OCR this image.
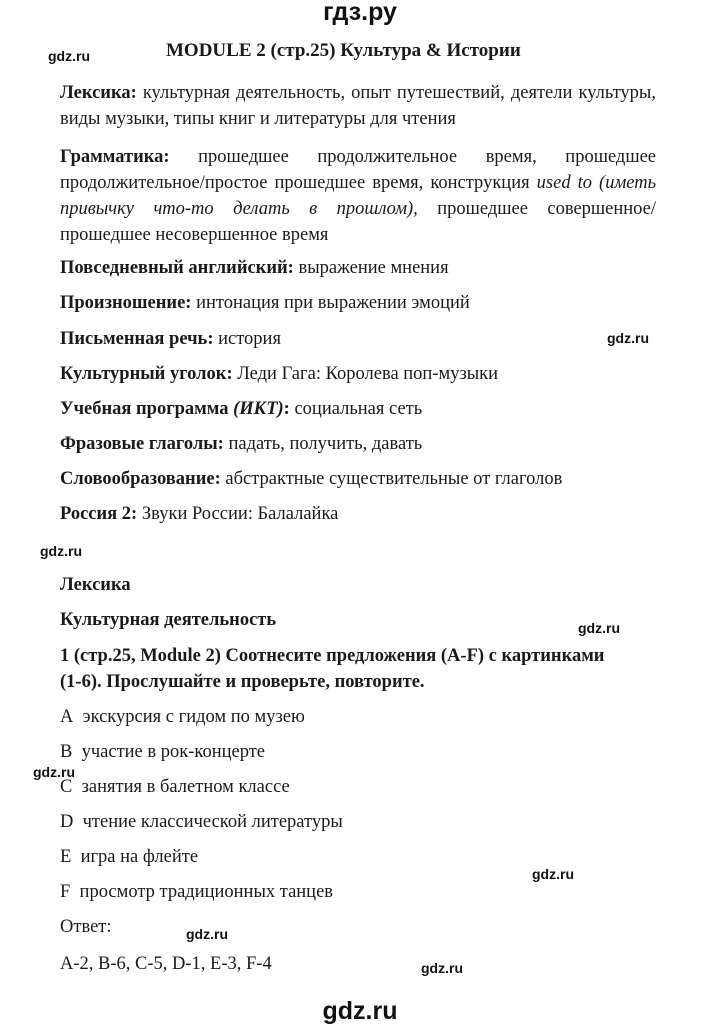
гдз.ру
gdz.ru	MODULE 2 (стр.25) Культура & Истории
Лексика: культурная деятельность, опыт путешествий, деятели культуры, виды музыки, типы книг и литературы для чтения
Грамматика: прошедшее продолжительное время, прошедшее продолжительное/простое прошедшее время, конструкция used to (иметь привычку что-то делать в прошлом), прошедшее совершенное/ прошедшее несовершенное время
Повседневный английский: выражение мнения
Произношение: интонация при выражении эмоций
Письменная речь: история	gdz.ru
Культурный уголок: Леди Гага: Королева поп-музыки
Учебная программа (ИКТ): социальная сеть
Фразовые глаголы: падать, получить, давать
Словообразование: абстрактные существительные от глаголов
Россия 2: Звуки России: Балалайка
gdz.ru
Лексика
Культурная деятельность	gdz.ru
1 (стр.25, Module 2) Соотнесите предложения (A-F) с картинками
(1-6). Прослушайте и проверьте, повторите.
A экскурсия с гидом по музею
B участие в рок-концерте
gdz.ru
C занятия в балетном классе
D чтение классической литературы
E игра на флейте
gdz.ru
F просмотр традиционных танцев
Ответ:	gdz.ru
A-2, B-6, C-5, D-1, E-3, F-4	gdz.ru
gdz.ru
